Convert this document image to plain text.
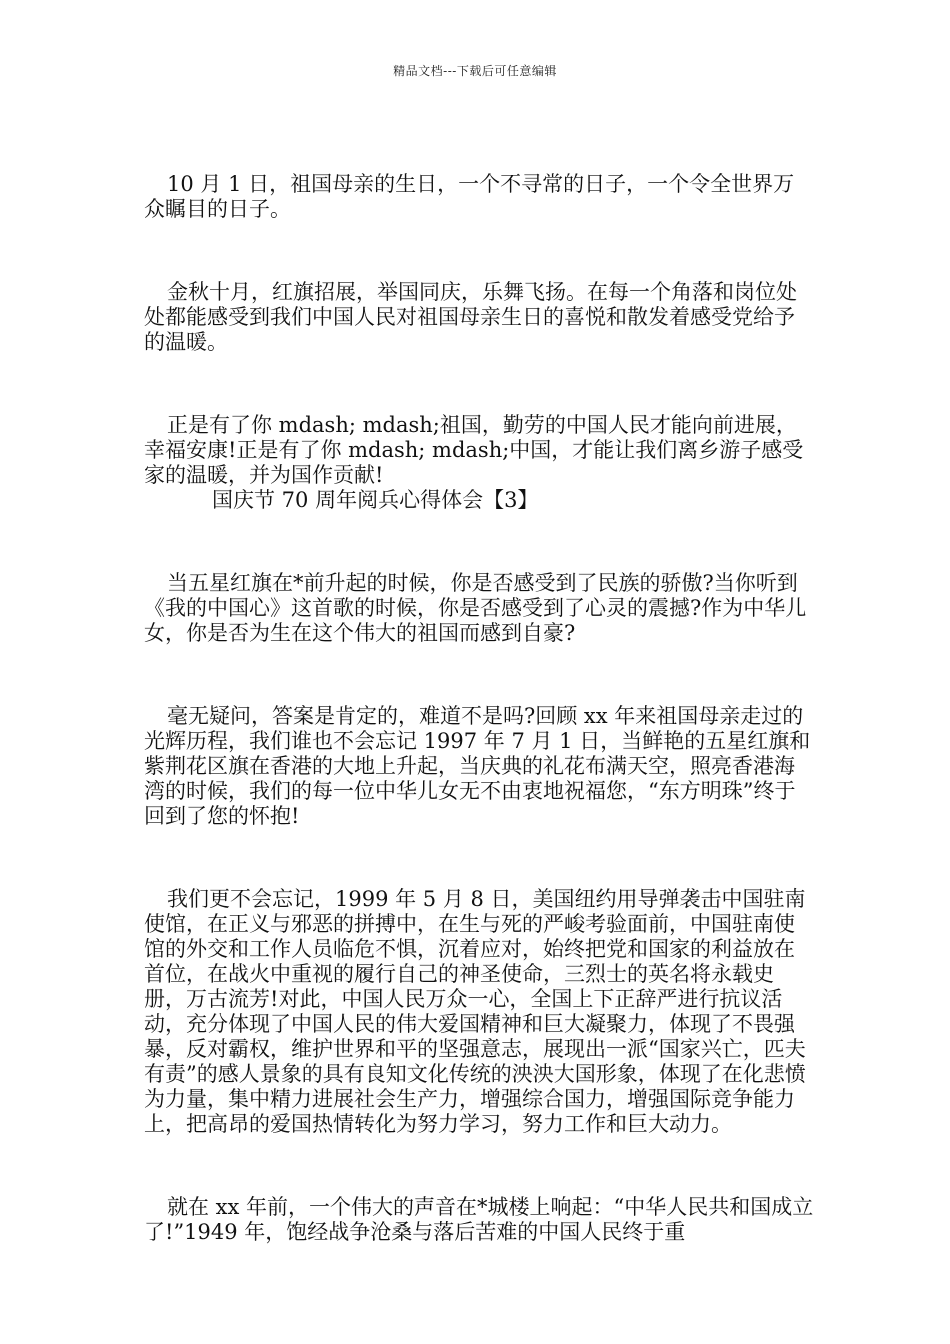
精品文档---下载后可任意编辑

10 月 1 日，祖国母亲的生日，一个不寻常的日子，一个令全世界万众瞩目的日子。

金秋十月，红旗招展，举国同庆，乐舞飞扬。在每一个角落和岗位处处都能感受到我们中国人民对祖国母亲生日的喜悦和散发着感受党给予的温暖。

正是有了你 mdash; mdash;祖国，勤劳的中国人民才能向前进展，幸福安康!正是有了你 mdash; mdash;中国，才能让我们离乡游子感受家的温暖，并为国作贡献!

国庆节 70 周年阅兵心得体会【3】

当五星红旗在*前升起的时候，你是否感受到了民族的骄傲?当你听到《我的中国心》这首歌的时候，你是否感受到了心灵的震撼?作为中华儿女，你是否为生在这个伟大的祖国而感到自豪?

毫无疑问，答案是肯定的，难道不是吗?回顾 xx 年来祖国母亲走过的光辉历程，我们谁也不会忘记 1997 年 7 月 1 日，当鲜艳的五星红旗和紫荆花区旗在香港的大地上升起，当庆典的礼花布满天空，照亮香港海湾的时候，我们的每一位中华儿女无不由衷地祝福您，“东方明珠”终于回到了您的怀抱!

我们更不会忘记，1999 年 5 月 8 日，美国纽约用导弹袭击中国驻南使馆，在正义与邪恶的拼搏中，在生与死的严峻考验面前，中国驻南使馆的外交和工作人员临危不惧，沉着应对，始终把党和国家的利益放在首位，在战火中重视的履行自己的神圣使命，三烈士的英名将永载史册，万古流芳!对此，中国人民万众一心，全国上下正辞严进行抗议活动，充分体现了中国人民的伟大爱国精神和巨大凝聚力，体现了不畏强暴，反对霸权，维护世界和平的坚强意志，展现出一派“国家兴亡，匹夫有责”的感人景象的具有良知文化传统的泱泱大国形象，体现了在化悲愤为力量，集中精力进展社会生产力，增强综合国力，增强国际竞争能力上，把高昂的爱国热情转化为努力学习，努力工作和巨大动力。

就在 xx 年前，一个伟大的声音在*城楼上响起：“中华人民共和国成立了!”1949 年，饱经战争沧桑与落后苦难的中国人民终于重
